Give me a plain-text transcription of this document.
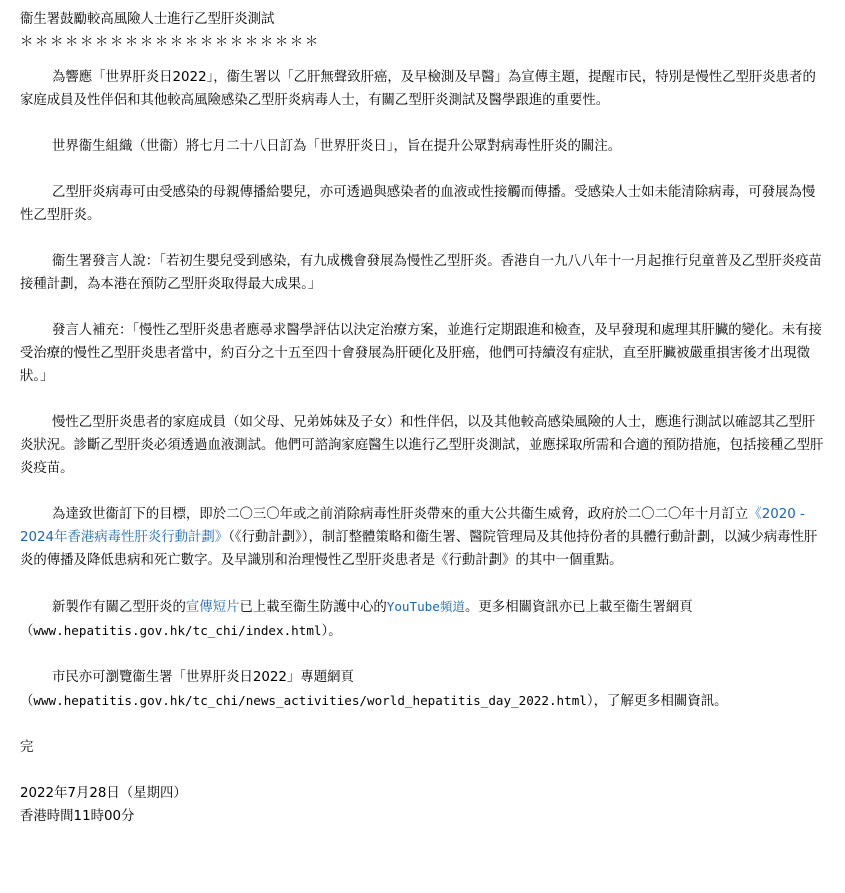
衞生署鼓勵較高風險人士進行乙型肝炎測試

＊＊＊＊＊＊＊＊＊＊＊＊＊＊＊＊＊＊＊＊

為響應「世界肝炎日2022」，衞生署以「乙肝無聲致肝癌，及早檢測及早醫」為宣傳主題，提醒市民，特別是慢性乙型肝炎患者的家庭成員及性伴侶和其他較高風險感染乙型肝炎病毒人士，有關乙型肝炎測試及醫學跟進的重要性。

世界衞生組織（世衞）將七月二十八日訂為「世界肝炎日」，旨在提升公眾對病毒性肝炎的關注。

乙型肝炎病毒可由受感染的母親傳播給嬰兒，亦可透過與感染者的血液或性接觸而傳播。受感染人士如未能清除病毒，可發展為慢性乙型肝炎。

衞生署發言人說：「若初生嬰兒受到感染，有九成機會發展為慢性乙型肝炎。香港自一九八八年十一月起推行兒童普及乙型肝炎疫苗接種計劃，為本港在預防乙型肝炎取得最大成果。」

發言人補充：「慢性乙型肝炎患者應尋求醫學評估以決定治療方案，並進行定期跟進和檢查，及早發現和處理其肝臟的變化。未有接受治療的慢性乙型肝炎患者當中，約百分之十五至四十會發展為肝硬化及肝癌，他們可持續沒有症狀，直至肝臟被嚴重損害後才出現徵狀。」

慢性乙型肝炎患者的家庭成員（如父母、兄弟姊妹及子女）和性伴侶，以及其他較高感染風險的人士，應進行測試以確認其乙型肝炎狀況。診斷乙型肝炎必須透過血液測試。他們可諮詢家庭醫生以進行乙型肝炎測試，並應採取所需和合適的預防措施，包括接種乙型肝炎疫苗。

為達致世衞訂下的目標，即於二〇三〇年或之前消除病毒性肝炎帶來的重大公共衞生威脅，政府於二〇二〇年十月訂立《2020 - 2024年香港病毒性肝炎行動計劃》（《行動計劃》），制訂整體策略和衞生署、醫院管理局及其他持份者的具體行動計劃，以減少病毒性肝炎的傳播及降低患病和死亡數字。及早識別和治理慢性乙型肝炎患者是《行動計劃》的其中一個重點。

新製作有關乙型肝炎的宣傳短片已上載至衞生防護中心的YouTube頻道。更多相關資訊亦已上載至衞生署網頁
（www.hepatitis.gov.hk/tc_chi/index.html）。

市民亦可瀏覽衞生署「世界肝炎日2022」專題網頁
（www.hepatitis.gov.hk/tc_chi/news_activities/world_hepatitis_day_2022.html），了解更多相關資訊。

完

2022年7月28日（星期四）

香港時間11時00分
